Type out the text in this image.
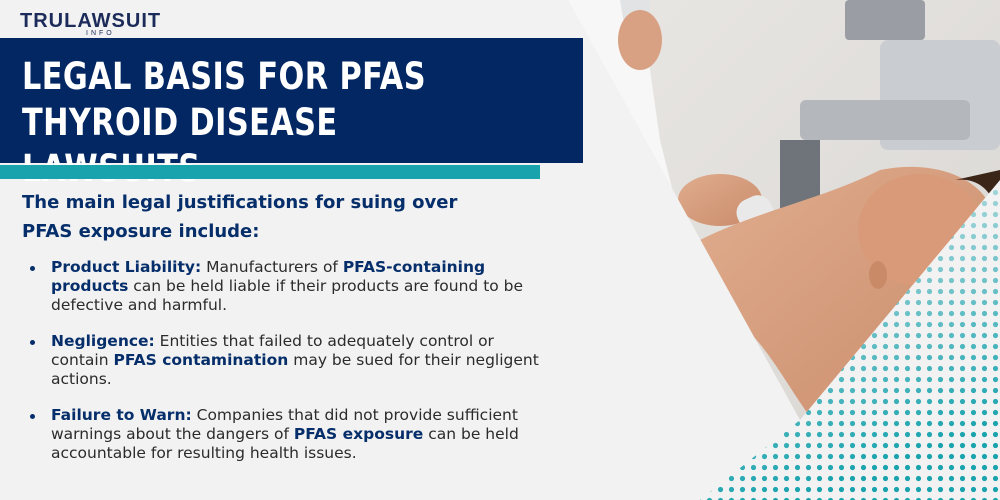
TRULAWSUIT
INFO
LEGAL BASIS FOR PFAS THYROID DISEASE

The main legal justifications for suing over PFAS exposure include:

Product Liability: Manufacturers of PFAS-containing products can be held liable if their products are found to be defective and harmful.
Negligence: Entities that failed to adequately control or contain PFAS contamination may be sued for their negligent actions.
Failure to Warn: Companies that did not provide sufficient warnings about the dangers of PFAS exposure can be held accountable for resulting health issues.
